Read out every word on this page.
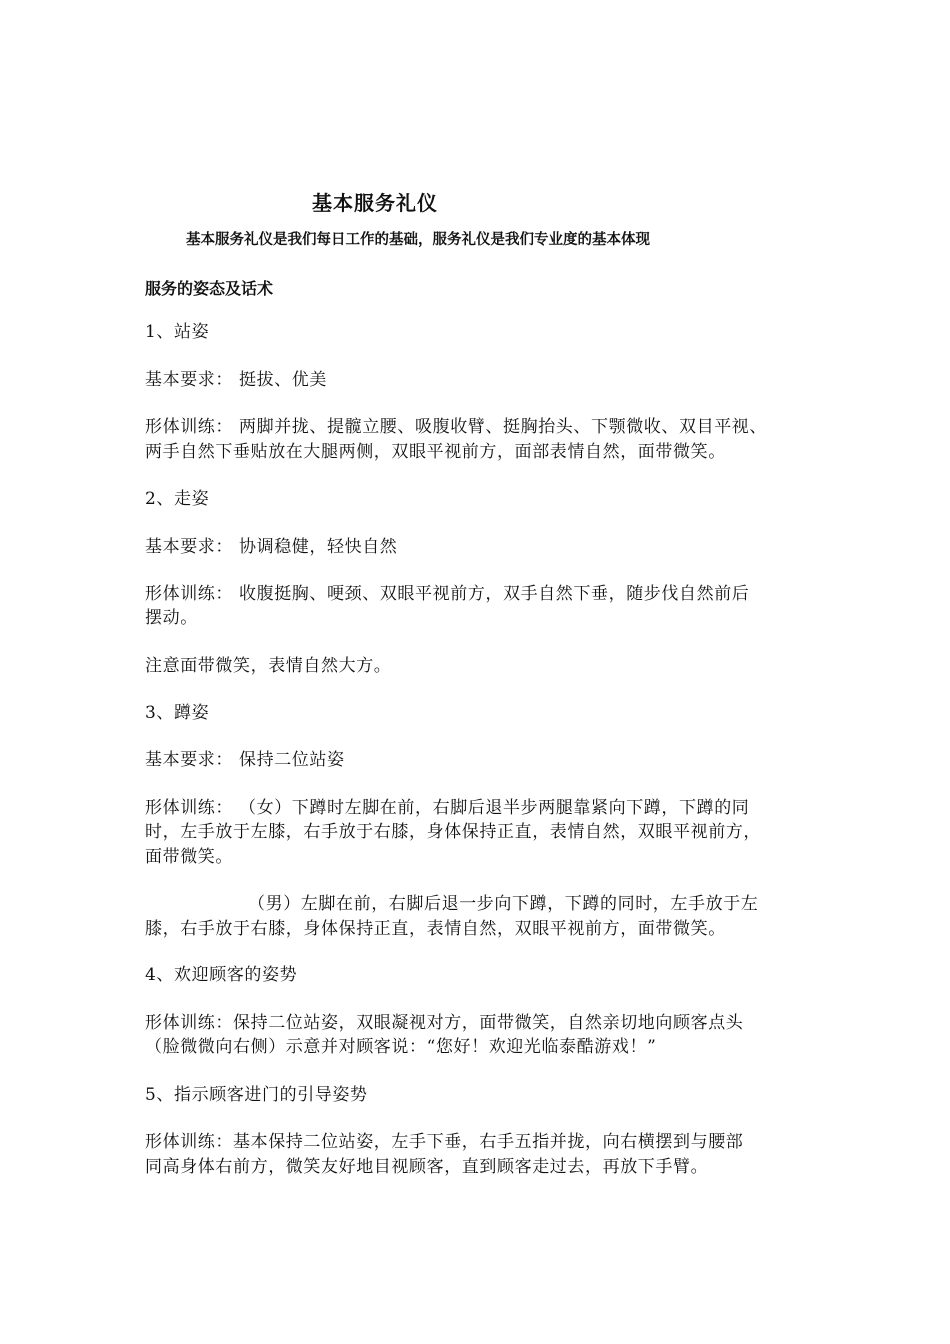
基本服务礼仪
基本服务礼仪是我们每日工作的基础，服务礼仪是我们专业度的基本体现
服务的姿态及话术
1、站姿
基本要求： 挺拔、优美
形体训练： 两脚并拢、提髋立腰、吸腹收臂、挺胸抬头、下颚微收、双目平视、
两手自然下垂贴放在大腿两侧，双眼平视前方，面部表情自然，面带微笑。
2、走姿
基本要求： 协调稳健，轻快自然
形体训练： 收腹挺胸、哽颈、双眼平视前方，双手自然下垂，随步伐自然前后
摆动。
注意面带微笑，表情自然大方。
3、蹲姿
基本要求： 保持二位站姿
形体训练： （女）下蹲时左脚在前，右脚后退半步两腿靠紧向下蹲，下蹲的同
时，左手放于左膝，右手放于右膝，身体保持正直，表情自然，双眼平视前方，
面带微笑。
（男）左脚在前，右脚后退一步向下蹲，下蹲的同时，左手放于左
膝，右手放于右膝，身体保持正直，表情自然，双眼平视前方，面带微笑。
4、欢迎顾客的姿势
形体训练：保持二位站姿，双眼凝视对方，面带微笑，自然亲切地向顾客点头
（脸微微向右侧）示意并对顾客说：“您好！欢迎光临泰酷游戏！”
5、指示顾客进门的引导姿势
形体训练：基本保持二位站姿，左手下垂，右手五指并拢，向右横摆到与腰部
同高身体右前方，微笑友好地目视顾客，直到顾客走过去，再放下手臂。
